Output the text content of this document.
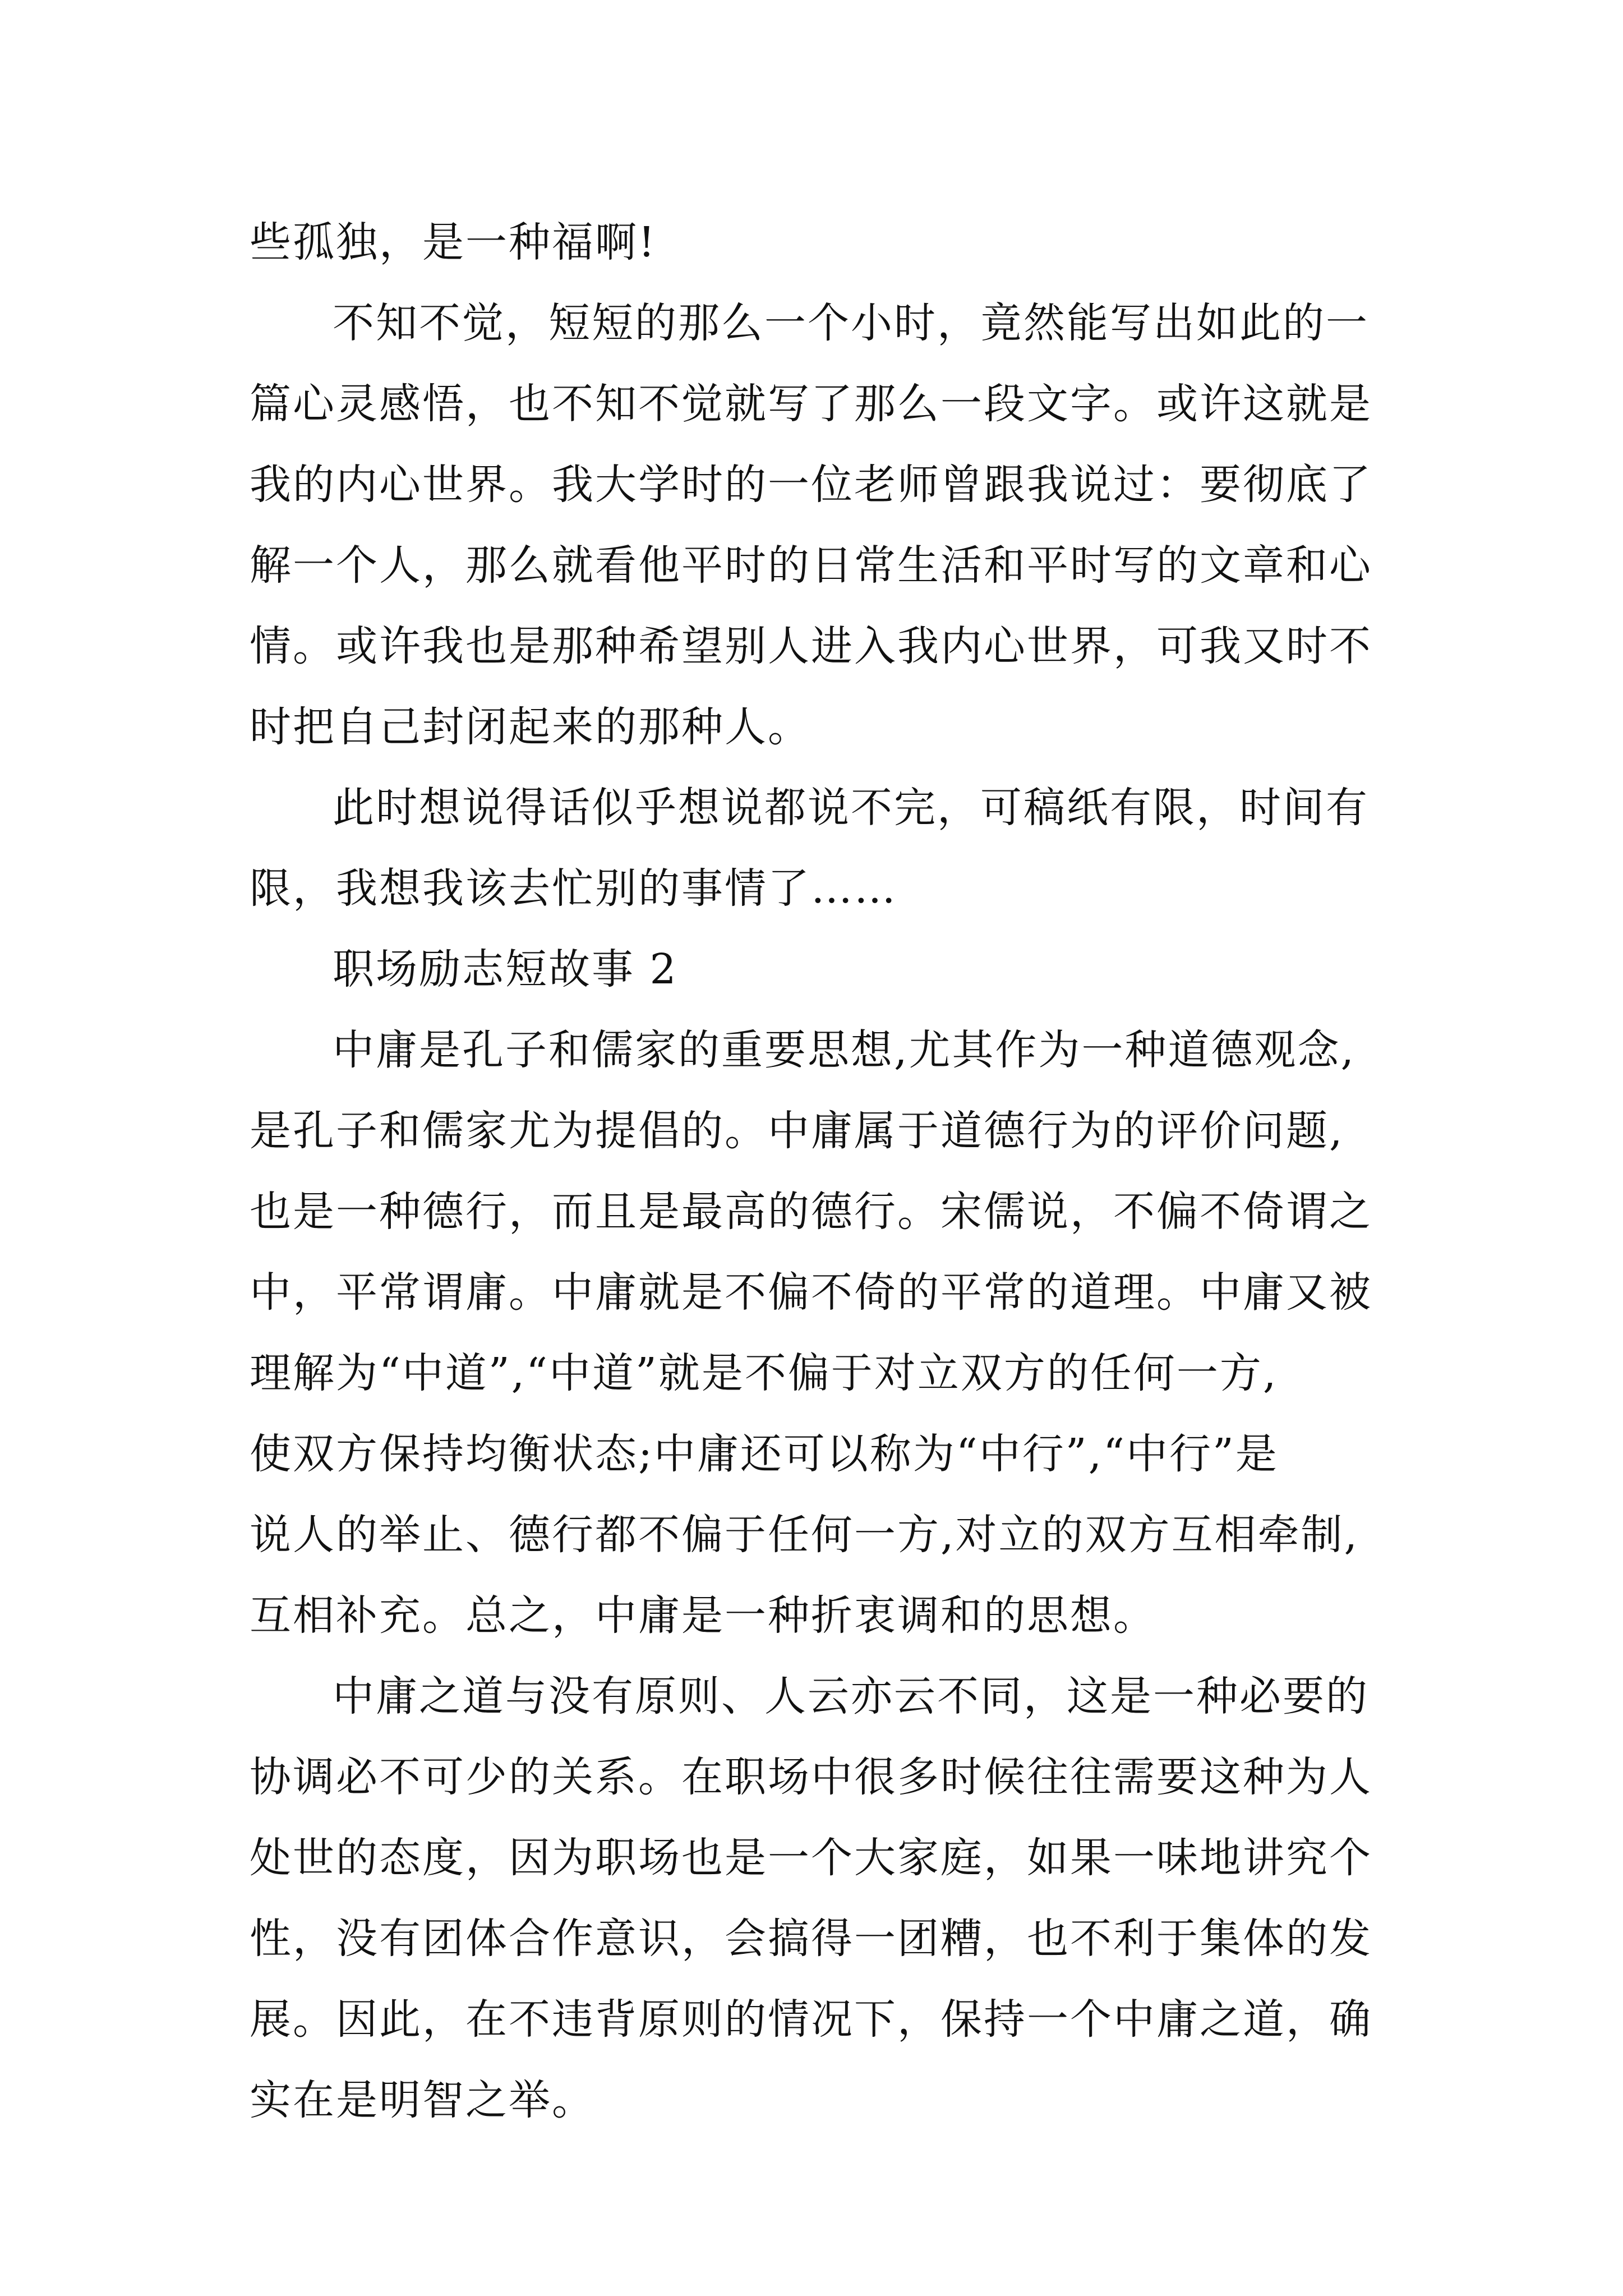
些孤独，是一种福啊!
不知不觉，短短的那么一个小时，竟然能写出如此的一
篇心灵感悟，也不知不觉就写了那么一段文字。或许这就是
我的内心世界。我大学时的一位老师曾跟我说过：要彻底了
解一个人，那么就看他平时的日常生活和平时写的文章和心
情。或许我也是那种希望别人进入我内心世界，可我又时不
时把自己封闭起来的那种人。
此时想说得话似乎想说都说不完，可稿纸有限，时间有
限，我想我该去忙别的事情了……
职场励志短故事 2
中庸是孔子和儒家的重要思想,尤其作为一种道德观念,
是孔子和儒家尤为提倡的。中庸属于道德行为的评价问题,
也是一种德行，而且是最高的德行。宋儒说，不偏不倚谓之
中，平常谓庸。中庸就是不偏不倚的平常的道理。中庸又被
理解为“中道”,“中道”就是不偏于对立双方的任何一方,
使双方保持均衡状态;中庸还可以称为“中行”,“中行”是
说人的举止、德行都不偏于任何一方,对立的双方互相牵制,
互相补充。总之，中庸是一种折衷调和的思想。
中庸之道与没有原则、人云亦云不同，这是一种必要的
协调必不可少的关系。在职场中很多时候往往需要这种为人
处世的态度，因为职场也是一个大家庭，如果一味地讲究个
性，没有团体合作意识，会搞得一团糟，也不利于集体的发
展。因此，在不违背原则的情况下，保持一个中庸之道，确
实在是明智之举。
